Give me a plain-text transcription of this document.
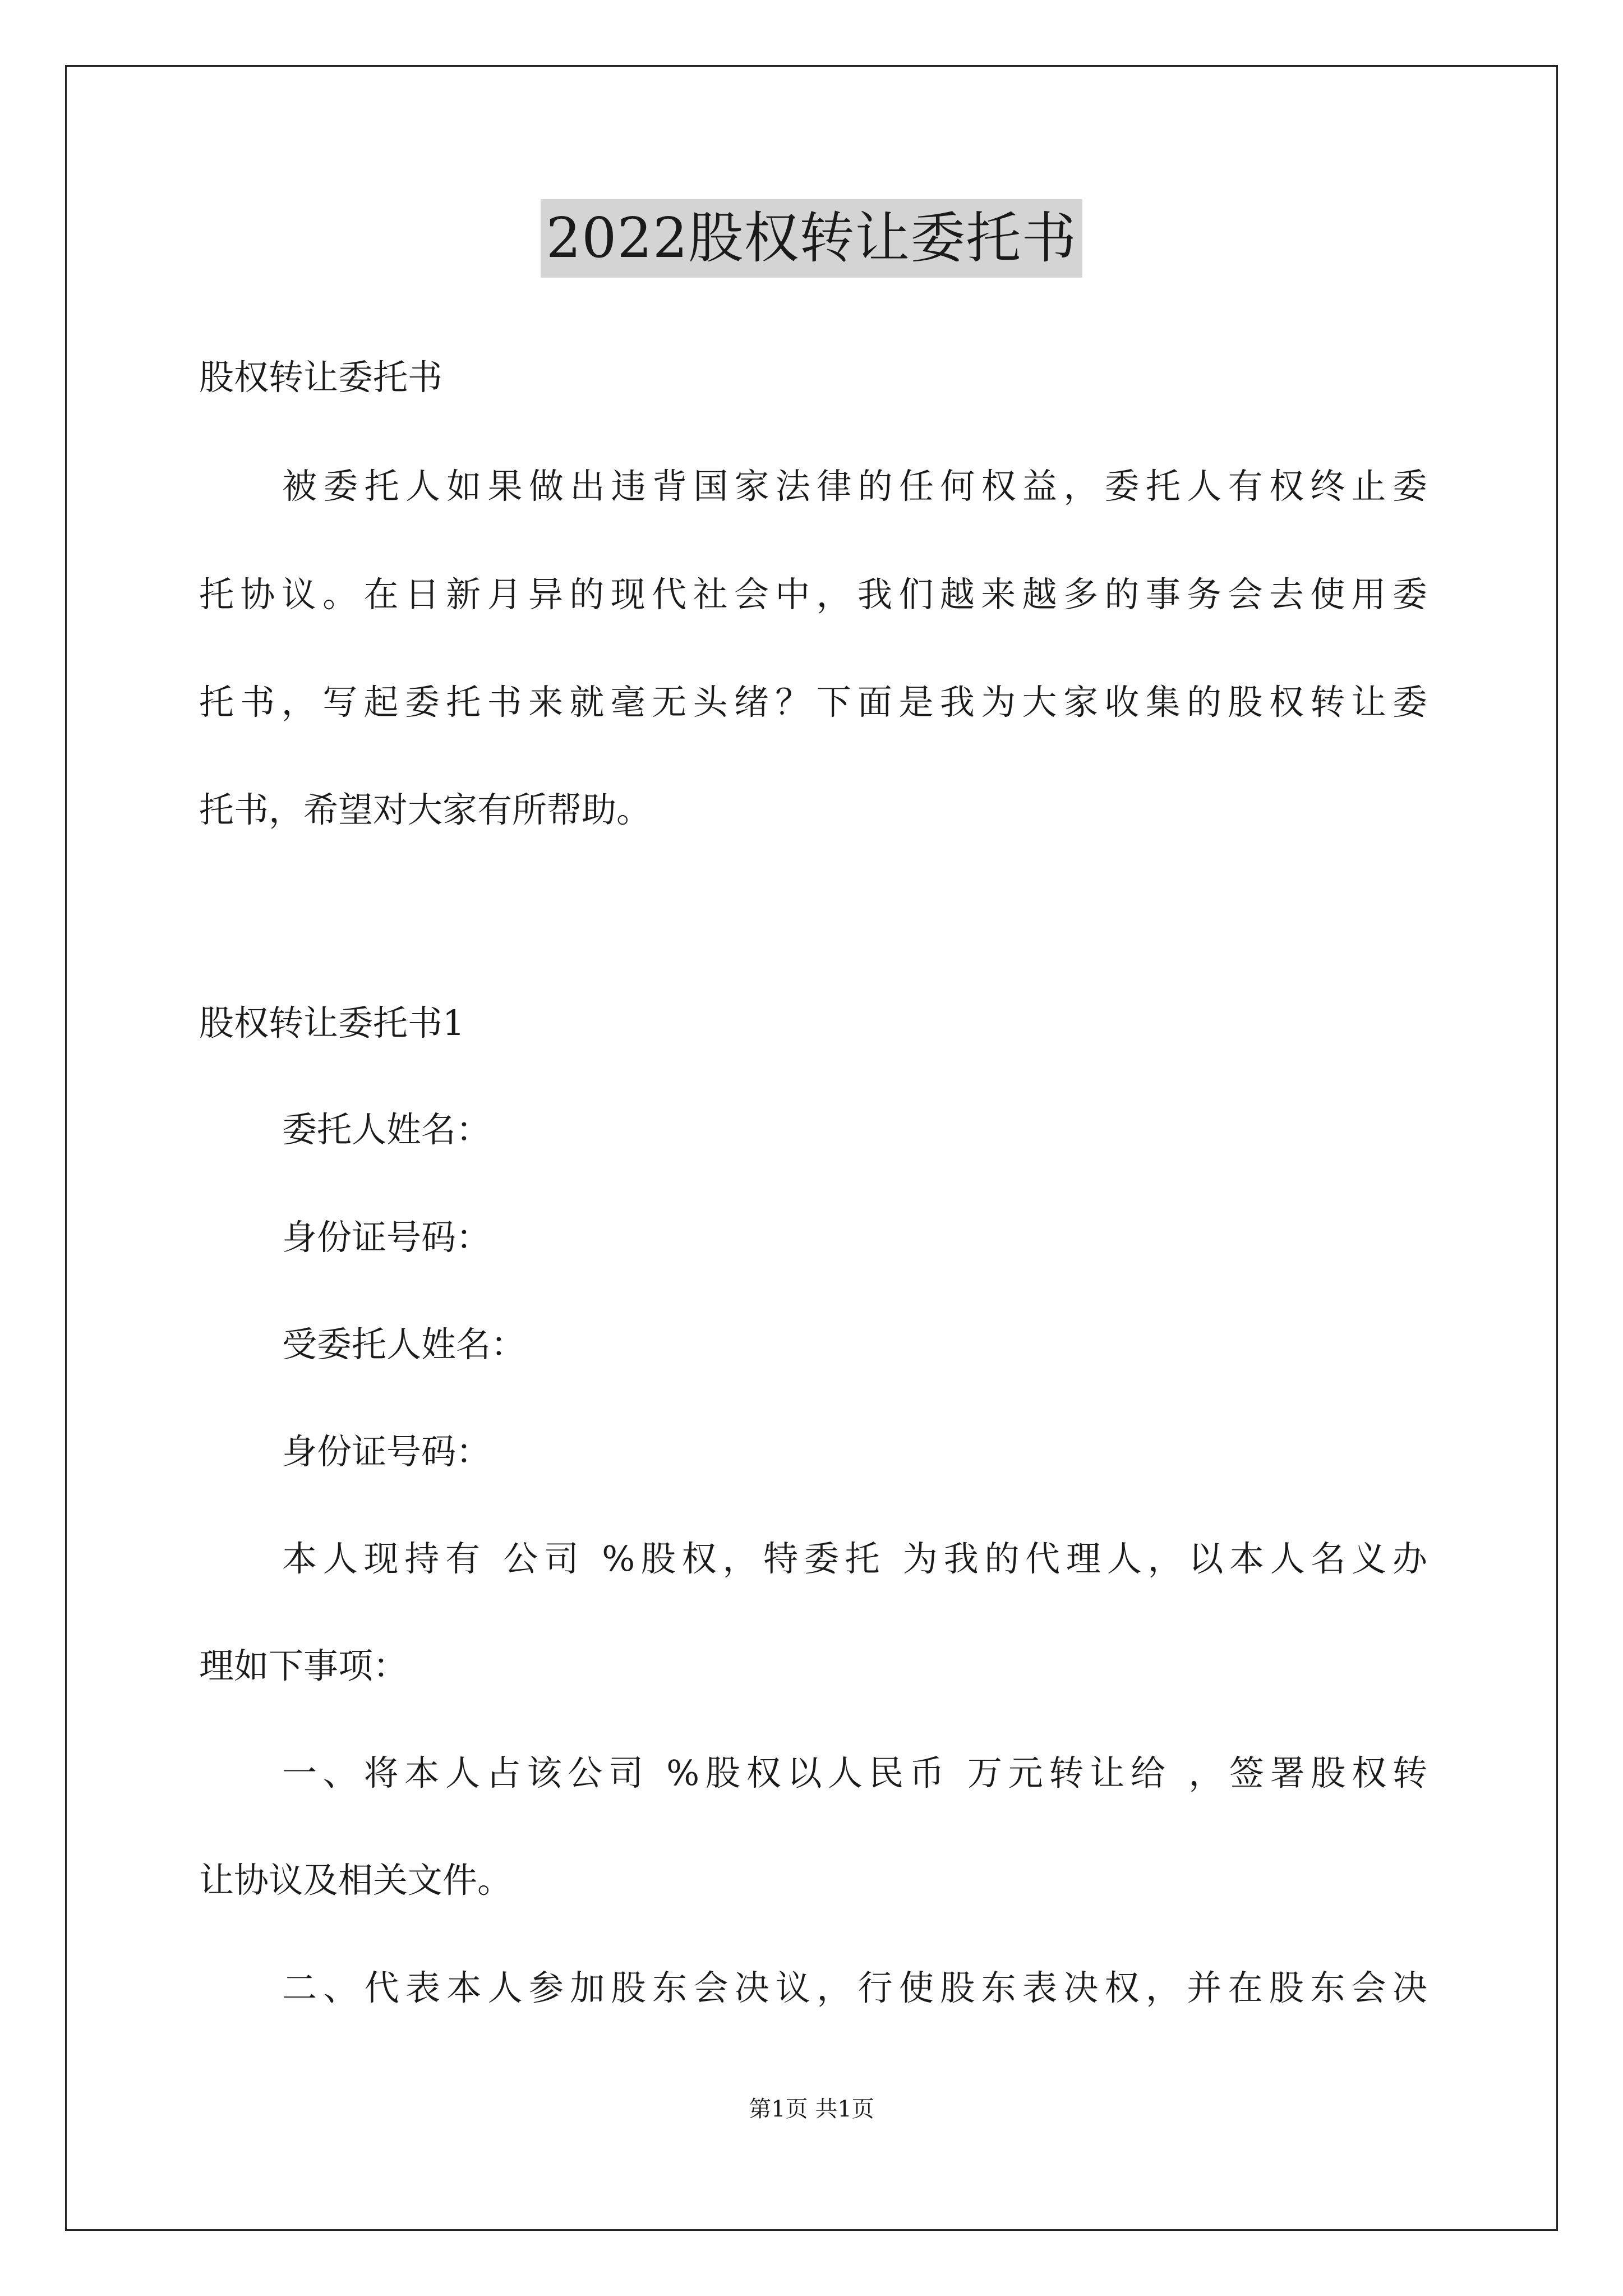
2022股权转让委托书
股权转让委托书
被委托人如果做出违背国家法律的任何权益，委托人有权终止委
托协议。在日新月异的现代社会中，我们越来越多的事务会去使用委
托书，写起委托书来就毫无头绪？下面是我为大家收集的股权转让委
托书，希望对大家有所帮助。
股权转让委托书1
委托人姓名：
身份证号码：
受委托人姓名：
身份证号码：
本人现持有 公司 %股权，特委托 为我的代理人，以本人名义办
理如下事项：
一、将本人占该公司 %股权以人民币 万元转让给 ，签署股权转
让协议及相关文件。
二、代表本人参加股东会决议，行使股东表决权，并在股东会决
第1页 共1页
